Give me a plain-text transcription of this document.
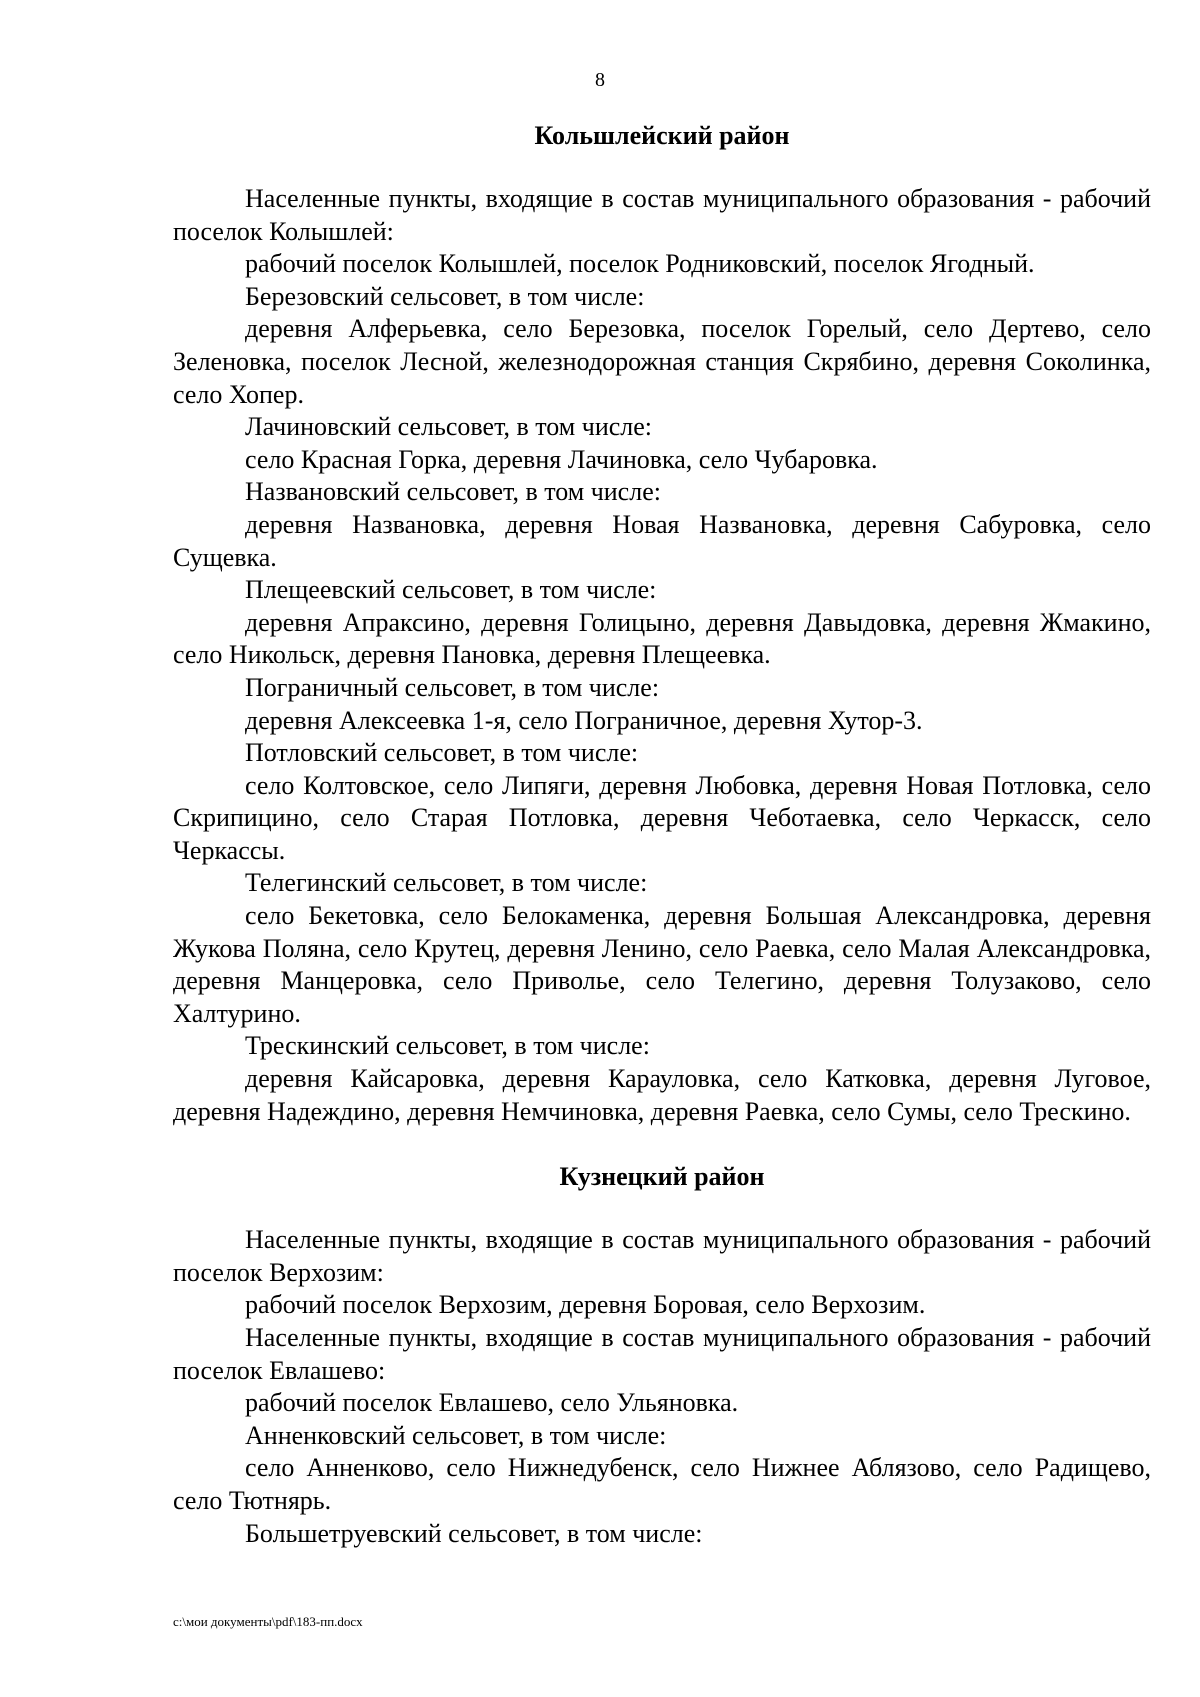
8
Кольшлейский район

Населенные пункты, входящие в состав муниципального образования - рабочий поселок Колышлей:

рабочий поселок Колышлей, поселок Родниковский, поселок Ягодный.

Березовский сельсовет, в том числе:

деревня Алферьевка, село Березовка, поселок Горелый, село Дертево, село Зеленовка, поселок Лесной, железнодорожная станция Скрябино, деревня Соколинка, село Хопер.

Лачиновский сельсовет, в том числе:

село Красная Горка, деревня Лачиновка, село Чубаровка.

Названовский сельсовет, в том числе:

деревня Названовка, деревня Новая Названовка, деревня Сабуровка, село Сущевка.

Плещеевский сельсовет, в том числе:

деревня Апраксино, деревня Голицыно, деревня Давыдовка, деревня Жмакино, село Никольск, деревня Пановка, деревня Плещеевка.

Пограничный сельсовет, в том числе:

деревня Алексеевка 1-я, село Пограничное, деревня Хутор-3.

Потловский сельсовет, в том числе:

село Колтовское, село Липяги, деревня Любовка, деревня Новая Потловка, село Скрипицино, село Старая Потловка, деревня Чеботаевка, село Черкасск, село Черкассы.

Телегинский сельсовет, в том числе:

село Бекетовка, село Белокаменка, деревня Большая Александровка, деревня Жукова Поляна, село Крутец, деревня Ленино, село Раевка, село Малая Александровка, деревня Манцеровка, село Приволье, село Телегино, деревня Толузаково, село Халтурино.

Трескинский сельсовет, в том числе:

деревня Кайсаровка, деревня Карауловка, село Катковка, деревня Луговое, деревня Надеждино, деревня Немчиновка, деревня Раевка, село Сумы, село Трескино.

Кузнецкий район

Населенные пункты, входящие в состав муниципального образования - рабочий поселок Верхозим:

рабочий поселок Верхозим, деревня Боровая, село Верхозим.

Населенные пункты, входящие в состав муниципального образования - рабочий поселок Евлашево:

рабочий поселок Евлашево, село Ульяновка.

Анненковский сельсовет, в том числе:

село Анненково, село Нижнедубенск, село Нижнее Аблязово, село Радищево, село Тютнярь.

Большетруевский сельсовет, в том числе:

c:\мои документы\pdf\183-пп.docx
